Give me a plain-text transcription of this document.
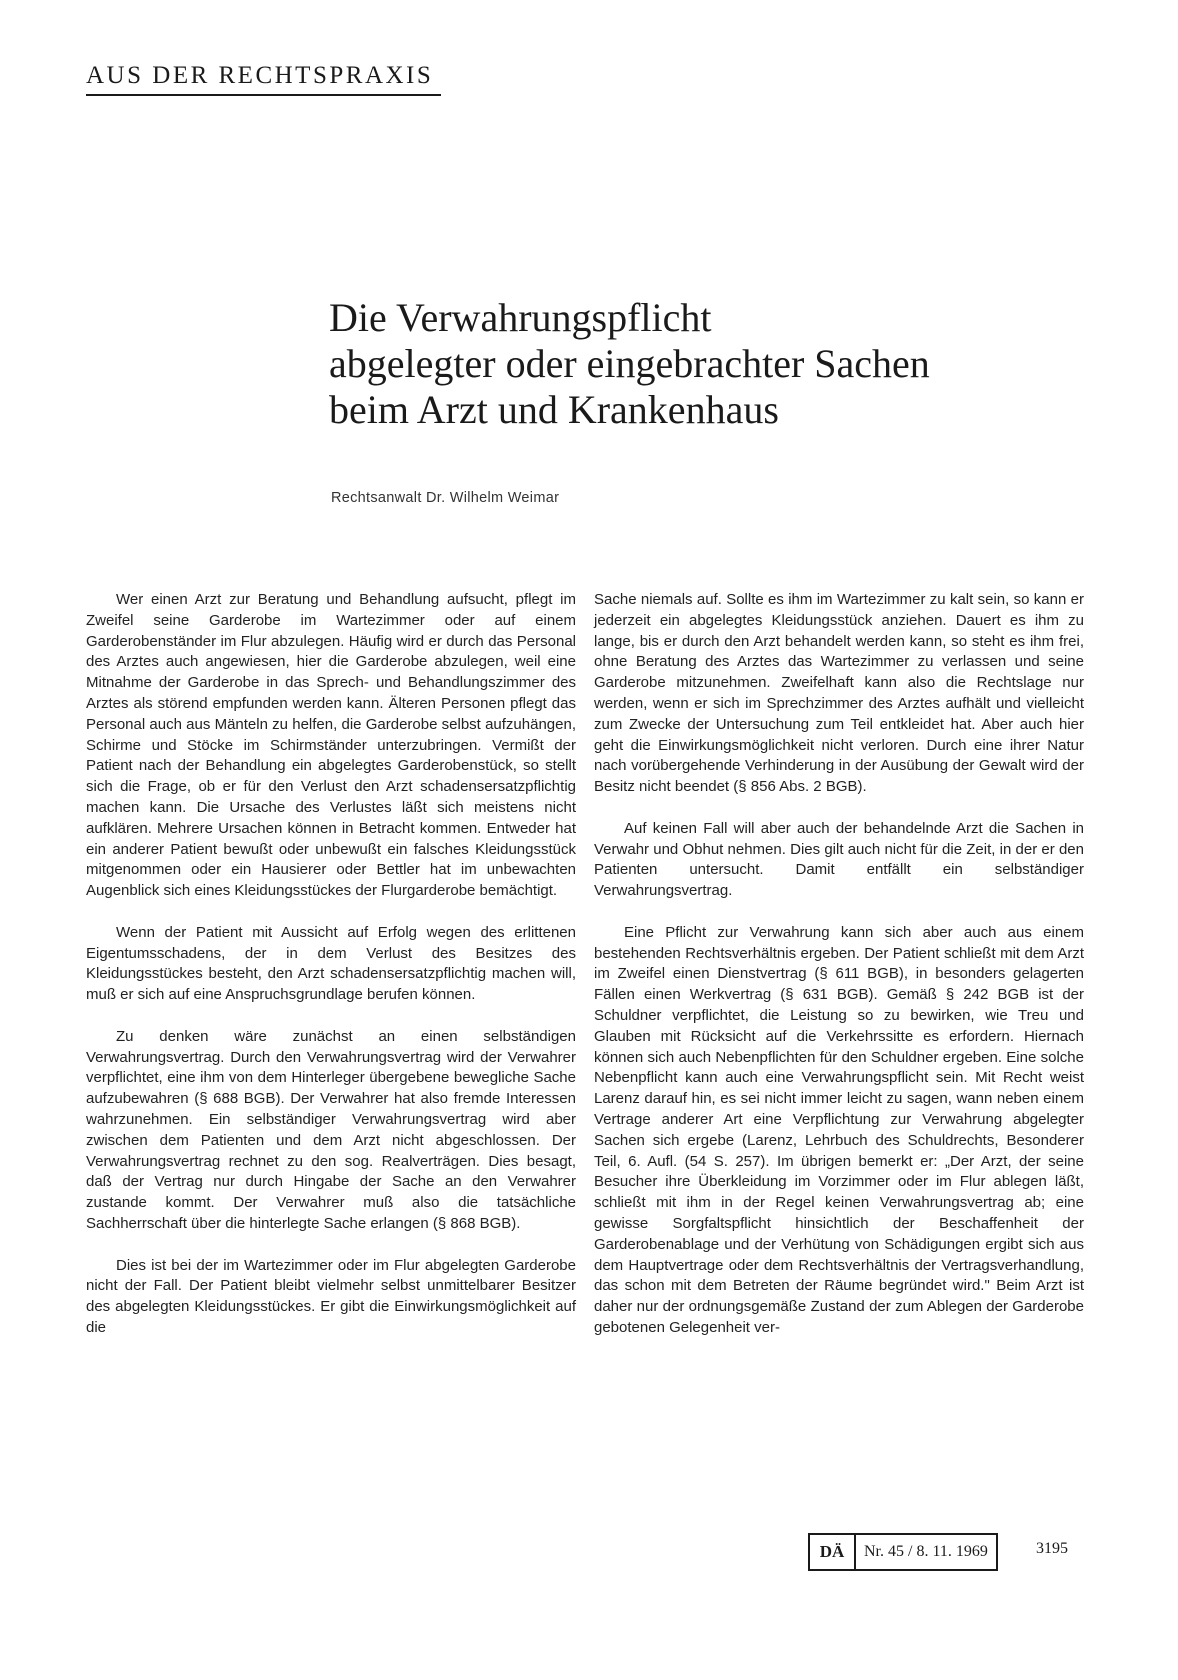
AUS DER RECHTSPRAXIS
Die Verwahrungspflicht
abgelegter oder eingebrachter Sachen
beim Arzt und Krankenhaus
Rechtsanwalt Dr. Wilhelm Weimar

Wer einen Arzt zur Beratung und Behandlung aufsucht, pflegt im Zweifel seine Garderobe im Wartezimmer oder auf einem Garderobenständer im Flur abzulegen. Häufig wird er durch das Personal des Arztes auch angewiesen, hier die Garderobe abzulegen, weil eine Mitnahme der Garderobe in das Sprech- und Behandlungszimmer des Arztes als störend empfunden werden kann. Älteren Personen pflegt das Personal auch aus Mänteln zu helfen, die Garderobe selbst aufzuhängen, Schirme und Stöcke im Schirmständer unterzubringen. Vermißt der Patient nach der Behandlung ein abgelegtes Garderobenstück, so stellt sich die Frage, ob er für den Verlust den Arzt schadensersatzpflichtig machen kann. Die Ursache des Verlustes läßt sich meistens nicht aufklären. Mehrere Ursachen können in Betracht kommen. Entweder hat ein anderer Patient bewußt oder unbewußt ein falsches Kleidungsstück mitgenommen oder ein Hausierer oder Bettler hat im unbewachten Augenblick sich eines Kleidungsstückes der Flurgarderobe bemächtigt.

Wenn der Patient mit Aussicht auf Erfolg wegen des erlittenen Eigentumsschadens, der in dem Verlust des Besitzes des Kleidungsstückes besteht, den Arzt schadensersatzpflichtig machen will, muß er sich auf eine Anspruchsgrundlage berufen können.

Zu denken wäre zunächst an einen selbständigen Verwahrungsvertrag. Durch den Verwahrungsvertrag wird der Verwahrer verpflichtet, eine ihm von dem Hinterleger übergebene bewegliche Sache aufzubewahren (§ 688 BGB). Der Verwahrer hat also fremde Interessen wahrzunehmen. Ein selbständiger Verwahrungsvertrag wird aber zwischen dem Patienten und dem Arzt nicht abgeschlossen. Der Verwahrungsvertrag rechnet zu den sog. Realverträgen. Dies besagt, daß der Vertrag nur durch Hingabe der Sache an den Verwahrer zustande kommt. Der Verwahrer muß also die tatsächliche Sachherrschaft über die hinterlegte Sache erlangen (§ 868 BGB).

Dies ist bei der im Wartezimmer oder im Flur abgelegten Garderobe nicht der Fall. Der Patient bleibt vielmehr selbst unmittelbarer Besitzer des abgelegten Kleidungsstückes. Er gibt die Einwirkungsmöglichkeit auf die

Sache niemals auf. Sollte es ihm im Wartezimmer zu kalt sein, so kann er jederzeit ein abgelegtes Kleidungsstück anziehen. Dauert es ihm zu lange, bis er durch den Arzt behandelt werden kann, so steht es ihm frei, ohne Beratung des Arztes das Wartezimmer zu verlassen und seine Garderobe mitzunehmen. Zweifelhaft kann also die Rechtslage nur werden, wenn er sich im Sprechzimmer des Arztes aufhält und vielleicht zum Zwecke der Untersuchung zum Teil entkleidet hat. Aber auch hier geht die Einwirkungsmöglichkeit nicht verloren. Durch eine ihrer Natur nach vorübergehende Verhinderung in der Ausübung der Gewalt wird der Besitz nicht beendet (§ 856 Abs. 2 BGB).

Auf keinen Fall will aber auch der behandelnde Arzt die Sachen in Verwahr und Obhut nehmen. Dies gilt auch nicht für die Zeit, in der er den Patienten untersucht. Damit entfällt ein selbständiger Verwahrungsvertrag.

Eine Pflicht zur Verwahrung kann sich aber auch aus einem bestehenden Rechtsverhältnis ergeben. Der Patient schließt mit dem Arzt im Zweifel einen Dienstvertrag (§ 611 BGB), in besonders gelagerten Fällen einen Werkvertrag (§ 631 BGB). Gemäß § 242 BGB ist der Schuldner verpflichtet, die Leistung so zu bewirken, wie Treu und Glauben mit Rücksicht auf die Verkehrssitte es erfordern. Hiernach können sich auch Nebenpflichten für den Schuldner ergeben. Eine solche Nebenpflicht kann auch eine Verwahrungspflicht sein. Mit Recht weist Larenz darauf hin, es sei nicht immer leicht zu sagen, wann neben einem Vertrage anderer Art eine Verpflichtung zur Verwahrung abgelegter Sachen sich ergebe (Larenz, Lehrbuch des Schuldrechts, Besonderer Teil, 6. Aufl. (54 S. 257). Im übrigen bemerkt er: „Der Arzt, der seine Besucher ihre Überkleidung im Vorzimmer oder im Flur ablegen läßt, schließt mit ihm in der Regel keinen Verwahrungsvertrag ab; eine gewisse Sorgfaltspflicht hinsichtlich der Beschaffenheit der Garderobenablage und der Verhütung von Schädigungen ergibt sich aus dem Hauptvertrage oder dem Rechtsverhältnis der Vertragsverhandlung, das schon mit dem Betreten der Räume begründet wird." Beim Arzt ist daher nur der ordnungsgemäße Zustand der zum Ablegen der Garderobe gebotenen Gelegenheit ver-

DÄ	Nr. 45 / 8. 11. 1969	3195
